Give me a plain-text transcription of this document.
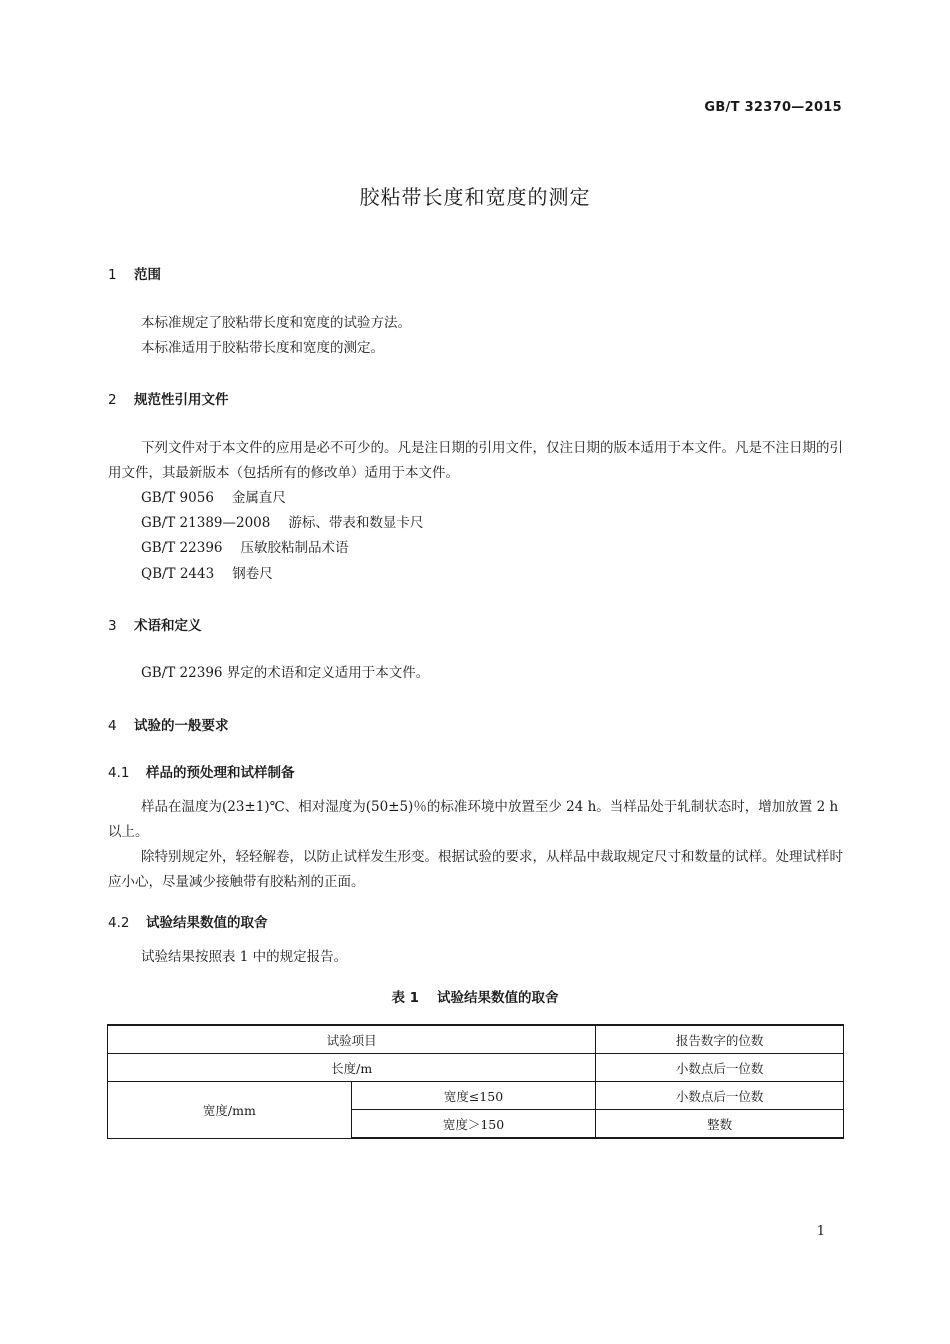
GB/T 32370—2015
胶粘带长度和宽度的测定
1 范围
本标准规定了胶粘带长度和宽度的试验方法。
本标准适用于胶粘带长度和宽度的测定。
2 规范性引用文件
下列文件对于本文件的应用是必不可少的。凡是注日期的引用文件，仅注日期的版本适用于本文件。凡是不注日期的引用文件，其最新版本（包括所有的修改单）适用于本文件。
GB/T 9056 金属直尺
GB/T 21389—2008 游标、带表和数显卡尺
GB/T 22396 压敏胶粘制品术语
QB/T 2443 钢卷尺
3 术语和定义
GB/T 22396 界定的术语和定义适用于本文件。
4 试验的一般要求
4.1 样品的预处理和试样制备
样品在温度为(23±1)℃、相对湿度为(50±5)％的标准环境中放置至少 24 h。当样品处于轧制状态时，增加放置 2 h 以上。
除特别规定外，轻轻解卷，以防止试样发生形变。根据试验的要求，从样品中裁取规定尺寸和数量的试样。处理试样时应小心，尽量减少接触带有胶粘剂的正面。
4.2 试验结果数值的取舍
试验结果按照表 1 中的规定报告。
表 1 试验结果数值的取舍
试验项目		报告数字的位数
长度/m		小数点后一位数
宽度/mm	宽度≤150	小数点后一位数
	宽度＞150	整数
1
